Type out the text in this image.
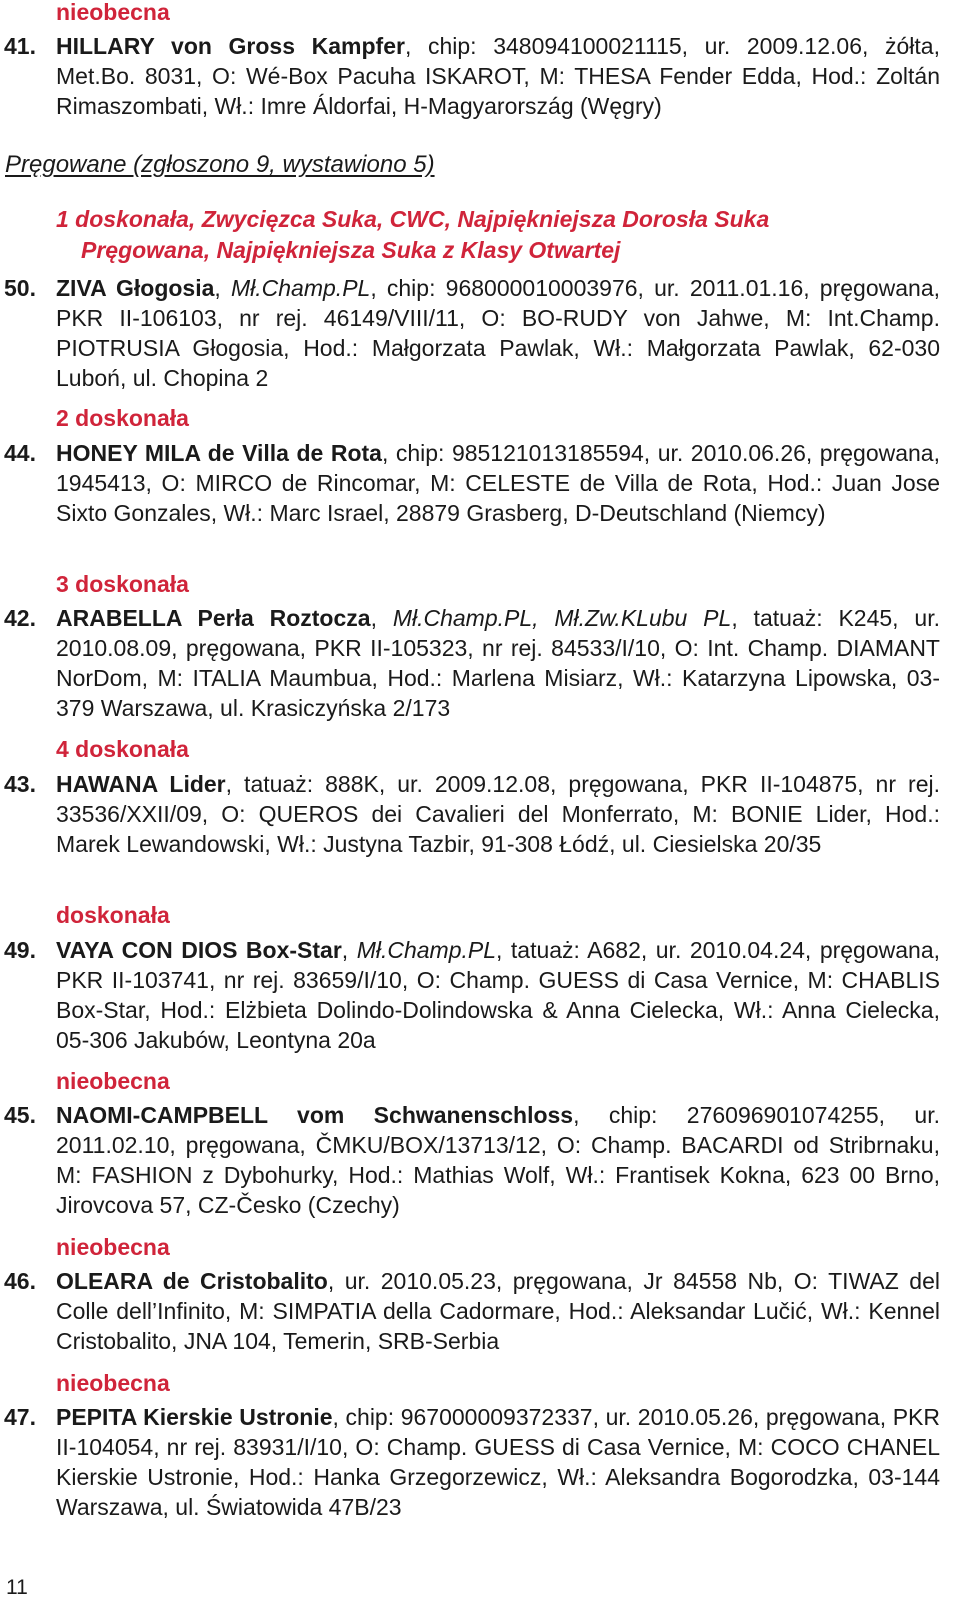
nieobecna
41. HILLARY von Gross Kampfer, chip: 348094100021115, ur. 2009.12.06, żółta, Met.Bo. 8031, O: Wé-Box Pacuha ISKAROT, M: THESA Fender Edda, Hod.: Zoltán Rimaszombati, Wł.: Imre Áldorfai, H-Magyarország (Węgry)
Pręgowane (zgłoszono 9, wystawiono 5)
1 doskonała, Zwycięzca Suka, CWC, Najpiękniejsza Dorosła Suka
Pręgowana, Najpiękniejsza Suka z Klasy Otwartej
50. ZIVA Głogosia, Mł.Champ.PL, chip: 968000010003976, ur. 2011.01.16, pręgowana, PKR II-106103, nr rej. 46149/VIII/11, O: BO-RUDY von Jahwe, M: Int.Champ. PIOTRUSIA Głogosia, Hod.: Małgorzata Pawlak, Wł.: Małgorzata Pawlak, 62-030 Luboń, ul. Chopina 2
2 doskonała
44. HONEY MILA de Villa de Rota, chip: 985121013185594, ur. 2010.06.26, pręgowana, 1945413, O: MIRCO de Rincomar, M: CELESTE de Villa de Rota, Hod.: Juan Jose Sixto Gonzales, Wł.: Marc Israel, 28879 Grasberg, D-Deutschland (Niemcy)
3 doskonała
42. ARABELLA Perła Roztocza, Mł.Champ.PL, Mł.Zw.KLubu PL, tatuaż: K245, ur. 2010.08.09, pręgowana, PKR II-105323, nr rej. 84533/I/10, O: Int. Champ. DIAMANT NorDom, M: ITALIA Maumbua, Hod.: Marlena Misiarz, Wł.: Katarzyna Lipowska, 03-379 Warszawa, ul. Krasiczyńska 2/173
4 doskonała
43. HAWANA Lider, tatuaż: 888K, ur. 2009.12.08, pręgowana, PKR II-104875, nr rej. 33536/XXII/09, O: QUEROS dei Cavalieri del Monferrato, M: BONIE Lider, Hod.: Marek Lewandowski, Wł.: Justyna Tazbir, 91-308 Łódź, ul. Ciesielska 20/35
doskonała
49. VAYA CON DIOS Box-Star, Mł.Champ.PL, tatuaż: A682, ur. 2010.04.24, pręgowana, PKR II-103741, nr rej. 83659/I/10, O: Champ. GUESS di Casa Vernice, M: CHABLIS Box-Star, Hod.: Elżbieta Dolindo-Dolindowska & Anna Cielecka, Wł.: Anna Cielecka, 05-306 Jakubów, Leontyna 20a
nieobecna
45. NAOMI-CAMPBELL vom Schwanenschloss, chip: 276096901074255, ur. 2011.02.10, pręgowana, ČMKU/BOX/13713/12, O: Champ. BACARDI od Stribrnaku, M: FASHION z Dybohurky, Hod.: Mathias Wolf, Wł.: Frantisek Kokna, 623 00 Brno, Jirovcova 57, CZ-Česko (Czechy)
nieobecna
46. OLEARA de Cristobalito, ur. 2010.05.23, pręgowana, Jr 84558 Nb, O: TIWAZ del Colle dell’Infinito, M: SIMPATIA della Cadormare, Hod.: Aleksandar Lučić, Wł.: Kennel Cristobalito, JNA 104, Temerin, SRB-Serbia
nieobecna
47. PEPITA Kierskie Ustronie, chip: 967000009372337, ur. 2010.05.26, pręgowana, PKR II-104054, nr rej. 83931/I/10, O: Champ. GUESS di Casa Vernice, M: COCO CHANEL Kierskie Ustronie, Hod.: Hanka Grzegorzewicz, Wł.: Aleksandra Bogorodzka, 03-144 Warszawa, ul. Światowida 47B/23
11
